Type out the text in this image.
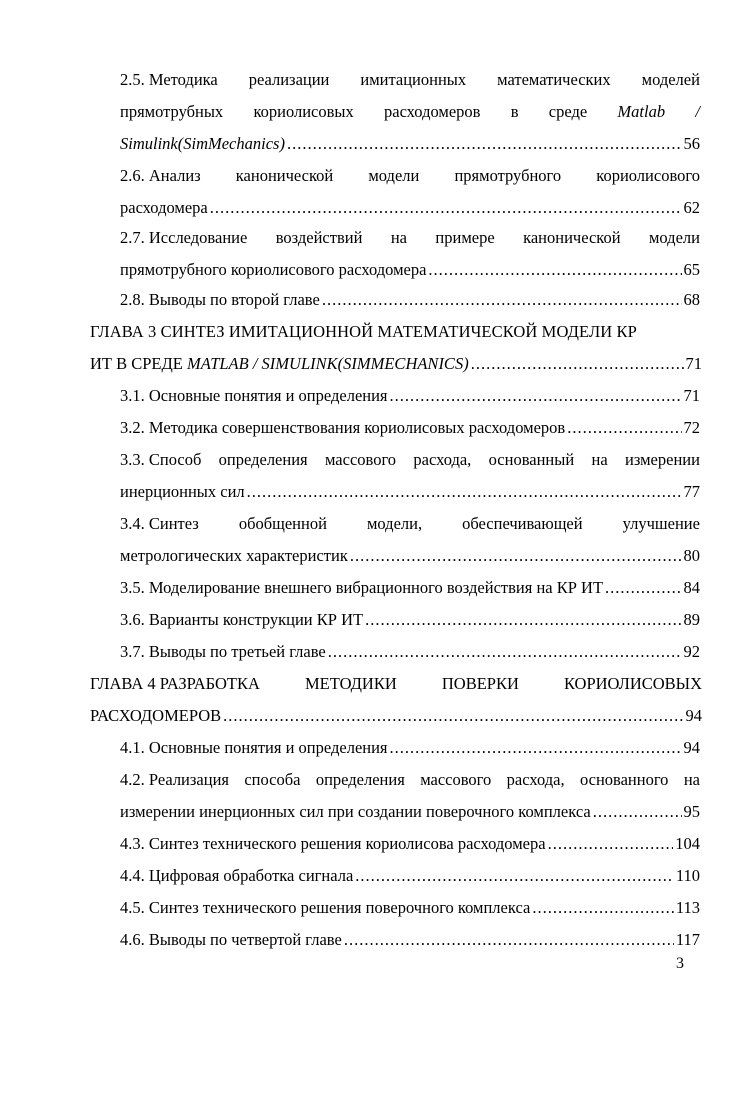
2.5. Методика реализации имитационных математических моделей
прямотрубных кориолисовых расходомеров в среде Matlab /
Simulink(SimMechanics) .....	56
2.6. Анализ канонической модели прямотрубного кориолисового
расходомера .....	62
2.7. Исследование воздействий на примере канонической модели
прямотрубного кориолисового расходомера .....	65
2.8. Выводы по второй главе .....	68
ГЛАВА 3 СИНТЕЗ ИМИТАЦИОННОЙ МАТЕМАТИЧЕСКОЙ МОДЕЛИ КР
ИТ В СРЕДЕ
MATLAB / SIMULINK(SIMMECHANICS) .....	71
3.1. Основные понятия и определения .....	71
3.2. Методика совершенствования кориолисовых расходомеров .....	72
3.3. Способ определения массового расхода, основанный на измерении
инерционных сил .....	77
3.4. Синтез обобщенной модели, обеспечивающей улучшение
метрологических характеристик .....	80
3.5. Моделирование внешнего вибрационного воздействия на КР ИТ .....	84
3.6. Варианты конструкции КР ИТ .....	89
3.7. Выводы по третьей главе .....	92
ГЛАВА 4 РАЗРАБОТКА	МЕТОДИКИ	ПОВЕРКИ	КОРИОЛИСОВЫХ
РАСХОДОМЕРОВ .....	94
4.1. Основные понятия и определения .....	94
4.2. Реализация способа определения массового расхода, основанного на
измерении инерционных сил при создании поверочного комплекса .....	95
4.3. Синтез технического решения кориолисова расходомера .....	104
4.4. Цифровая обработка сигнала .....	110
4.5. Синтез технического решения поверочного комплекса .....	113
4.6. Выводы по четвертой главе .....	117
3
